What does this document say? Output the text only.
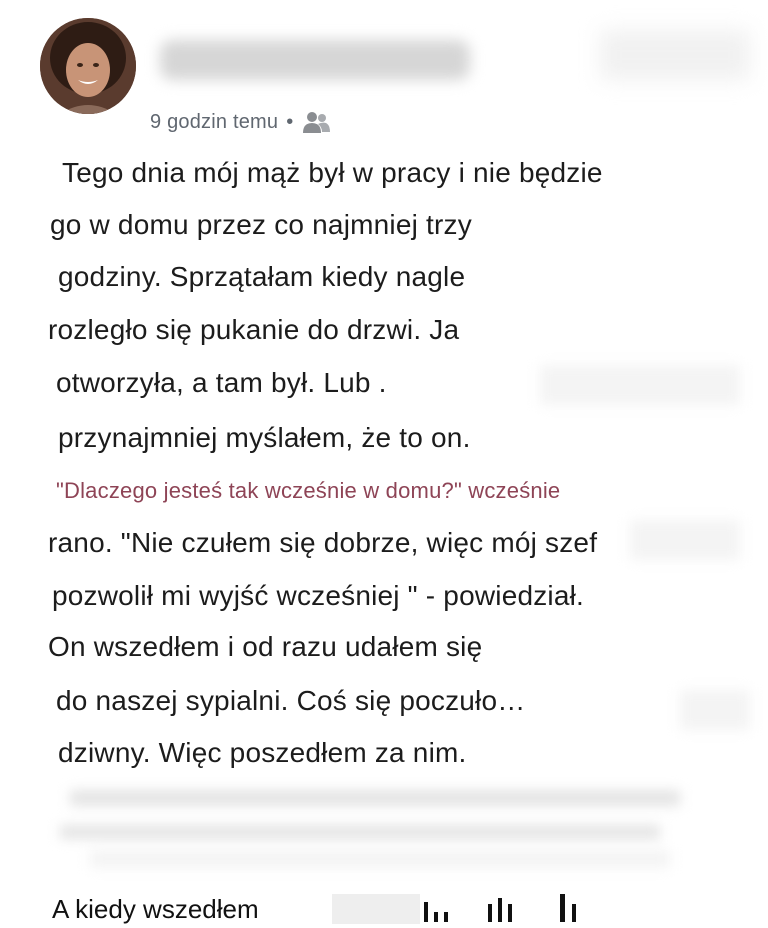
9 godzin temu •
Tego dnia mój mąż był w pracy i nie będzie
go w domu przez co najmniej trzy
godziny. Sprzątałam kiedy nagle
rozległo się pukanie do drzwi. Ja
otworzyła, a tam był. Lub .
przynajmniej myślałem, że to on.
"Dlaczego jesteś tak wcześnie w domu?" wcześnie
rano. "Nie czułem się dobrze, więc mój szef
pozwolił mi wyjść wcześniej " - powiedział.
On wszedłem i od razu udałem się
do naszej sypialni. Coś się poczuło…
dziwny. Więc poszedłem za nim.
A kiedy wszedłem
